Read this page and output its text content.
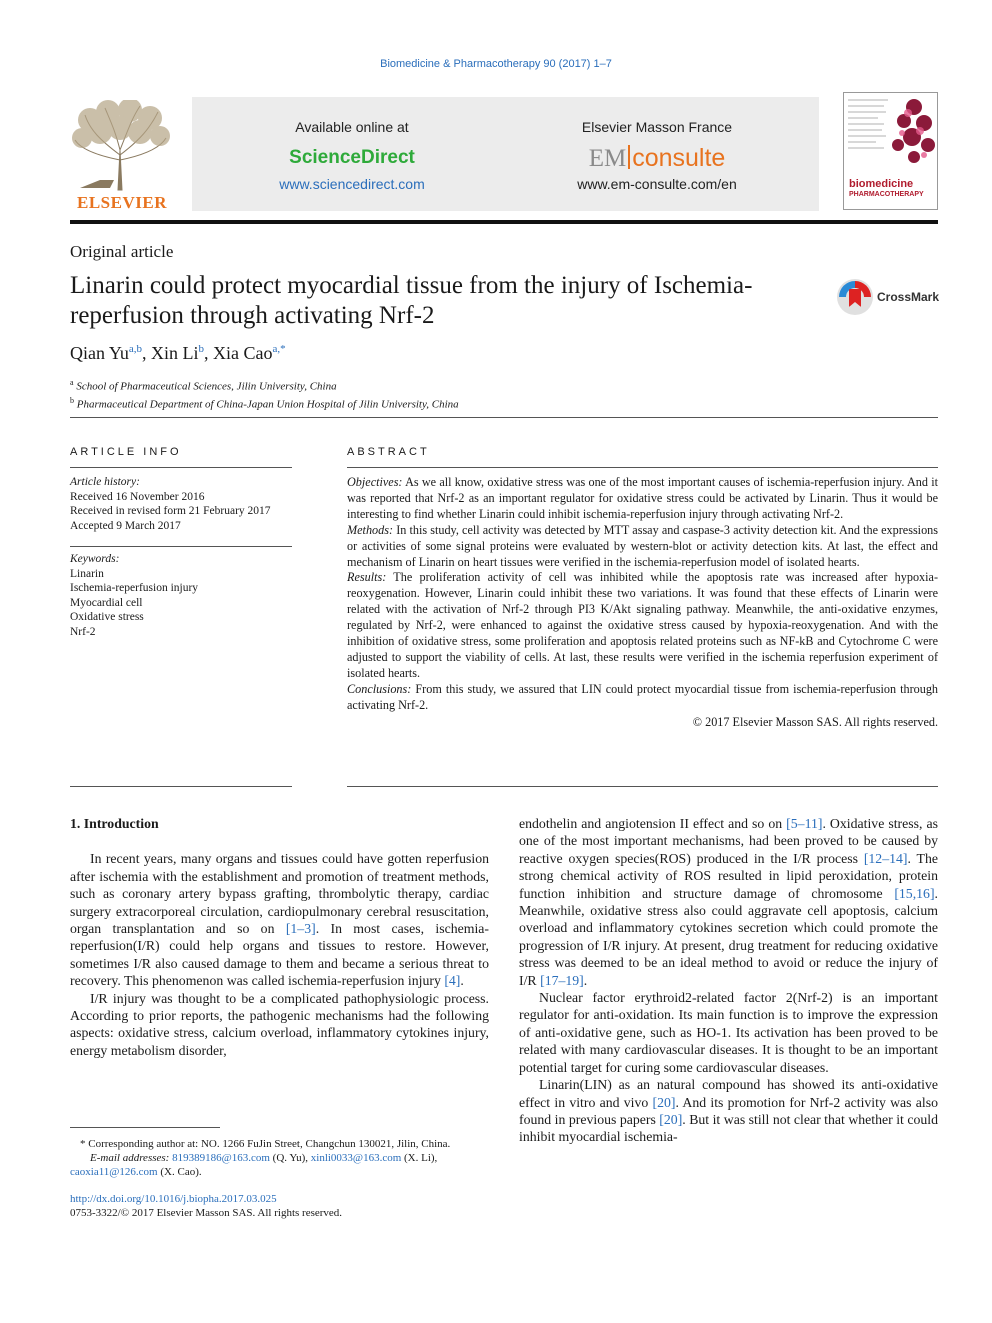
Biomedicine & Pharmacotherapy 90 (2017) 1–7
ELSEVIER
Available online at
ScienceDirect
www.sciencedirect.com
Elsevier Masson France
EM consulte
www.em-consulte.com/en	biomedicine
PHARMACOTHERAPY
Original article
Linarin could protect myocardial tissue from the injury of Ischemia-reperfusion through activating Nrf-2
CrossMark
Qian Yu$^{a,b}$, Xin Li$^b$, Xia Cao$^{a,*}$
$^a$ School of Pharmaceutical Sciences, Jilin University, China
$^b$ Pharmaceutical Department of China-Japan Union Hospital of Jilin University, China
ARTICLE INFO
Article history:
Received 16 November 2016
Received in revised form 21 February 2017
Accepted 9 March 2017
Keywords:
Linarin
Ischemia-reperfusion injury
Myocardial cell
Oxidative stress
Nrf-2
ABSTRACT
Objectives: As we all know, oxidative stress was one of the most important causes of ischemia-reperfusion injury. And it was reported that Nrf-2 as an important regulator for oxidative stress could be activated by Linarin. Thus it would be interesting to find whether Linarin could inhibit ischemia-reperfusion injury through activating Nrf-2.
Methods: In this study, cell activity was detected by MTT assay and caspase-3 activity detection kit. And the expressions or activities of some signal proteins were evaluated by western-blot or activity detection kits. At last, the effect and mechanism of Linarin on heart tissues were verified in the ischemia-reperfusion model of isolated hearts.
Results: The proliferation activity of cell was inhibited while the apoptosis rate was increased after hypoxia-reoxygenation. However, Linarin could inhibit these two variations. It was found that these effects of Linarin were related with the activation of Nrf-2 through PI3 K/Akt signaling pathway. Meanwhile, the anti-oxidative enzymes, regulated by Nrf-2, were enhanced to against the oxidative stress caused by hypoxia-reoxygenation. And with the inhibition of oxidative stress, some proliferation and apoptosis related proteins such as NF-kB and Cytochrome C were adjusted to support the viability of cells. At last, these results were verified in the ischemia reperfusion experiment of isolated hearts.
Conclusions: From this study, we assured that LIN could protect myocardial tissue from ischemia-reperfusion through activating Nrf-2.
© 2017 Elsevier Masson SAS. All rights reserved.
1. Introduction

In recent years, many organs and tissues could have gotten reperfusion after ischemia with the establishment and promotion of treatment methods, such as coronary artery bypass grafting, thrombolytic therapy, cardiac surgery extracorporeal circulation, cardiopulmonary cerebral resuscitation, organ transplantation and so on [1–3]. In most cases, ischemia-reperfusion(I/R) could help organs and tissues to restore. However, sometimes I/R also caused damage to them and became a serious threat to recovery. This phenomenon was called ischemia-reperfusion injury [4].

I/R injury was thought to be a complicated pathophysiologic process. According to prior reports, the pathogenic mechanisms had the following aspects: oxidative stress, calcium overload, inflammatory cytokines injury, energy metabolism disorder,

endothelin and angiotension II effect and so on [5–11]. Oxidative stress, as one of the most important mechanisms, had been proved to be caused by reactive oxygen species(ROS) produced in the I/R process [12–14]. The strong chemical activity of ROS resulted in lipid peroxidation, protein function inhibition and structure damage of chromosome [15,16]. Meanwhile, oxidative stress also could aggravate cell apoptosis, calcium overload and inflammatory cytokines secretion which could promote the progression of I/R injury. At present, drug treatment for reducing oxidative stress was deemed to be an ideal method to avoid or reduce the injury of I/R [17–19].

Nuclear factor erythroid2-related factor 2(Nrf-2) is an important regulator for anti-oxidation. Its main function is to improve the expression of anti-oxidative gene, such as HO-1. Its activation has been proved to be related with many cardiovascular diseases. It is thought to be an important potential target for curing some cardiovascular diseases.

Linarin(LIN) as an natural compound has showed its anti-oxidative effect in vitro and vivo [20]. And its promotion for Nrf-2 activity was also found in previous papers [20]. But it was still not clear that whether it could inhibit myocardial ischemia-

* Corresponding author at: NO. 1266 FuJin Street, Changchun 130021, Jilin, China.
E-mail addresses: 819389186@163.com (Q. Yu), xinli0033@163.com (X. Li),
caoxia11@126.com (X. Cao).
http://dx.doi.org/10.1016/j.biopha.2017.03.025
0753-3322/© 2017 Elsevier Masson SAS. All rights reserved.
